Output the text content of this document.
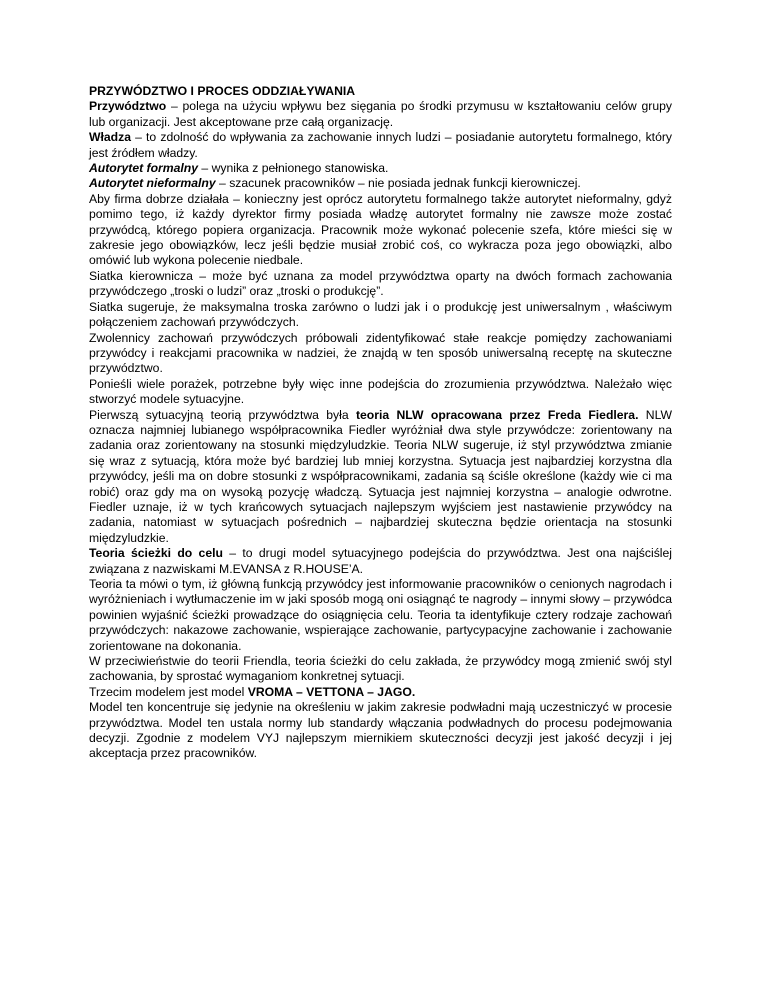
PRZYWÓDZTWO I PROCES ODDZIAŁYWANIA

Przywództwo – polega na użyciu wpływu bez sięgania po środki przymusu w kształtowaniu celów grupy lub organizacji. Jest akceptowane prze całą organizację.

Władza – to zdolność do wpływania za zachowanie innych ludzi – posiadanie autorytetu formalnego, który jest źródłem władzy.

Autorytet formalny – wynika z pełnionego stanowiska.

Autorytet nieformalny – szacunek pracowników – nie posiada jednak funkcji kierowniczej.

Aby firma dobrze działała – konieczny jest oprócz autorytetu formalnego także autorytet nieformalny, gdyż pomimo tego, iż każdy dyrektor firmy posiada władzę autorytet formalny nie zawsze może zostać przywódcą, którego popiera organizacja. Pracownik może wykonać polecenie szefa, które mieści się w zakresie jego obowiązków, lecz jeśli będzie musiał zrobić coś, co wykracza poza jego obowiązki, albo omówić lub wykona polecenie niedbale.

Siatka kierownicza – może być uznana za model przywództwa oparty na dwóch formach zachowania przywódczego „troski o ludzi” oraz „troski o produkcję”.

Siatka sugeruje, że maksymalna troska zarówno o ludzi jak i o produkcję jest uniwersalnym , właściwym połączeniem zachowań przywódczych.

Zwolennicy zachowań przywódczych próbowali zidentyfikować stałe reakcje pomiędzy zachowaniami przywódcy i reakcjami pracownika w nadziei, że znajdą w ten sposób uniwersalną receptę na skuteczne przywództwo.

Ponieśli wiele porażek, potrzebne były więc inne podejścia do zrozumienia przywództwa. Należało więc stworzyć modele sytuacyjne.

Pierwszą sytuacyjną teorią przywództwa była teoria NLW opracowana przez Freda Fiedlera. NLW oznacza najmniej lubianego współpracownika Fiedler wyróżniał dwa style przywódcze: zorientowany na zadania oraz zorientowany na stosunki międzyludzkie. Teoria NLW sugeruje, iż styl przywództwa zmianie się wraz z sytuacją, która może być bardziej lub mniej korzystna. Sytuacja jest najbardziej korzystna dla przywódcy, jeśli ma on dobre stosunki z współpracownikami, zadania są ściśle określone (każdy wie ci ma robić) oraz gdy ma on wysoką pozycję władczą. Sytuacja jest najmniej korzystna – analogie odwrotne. Fiedler uznaje, iż w tych krańcowych sytuacjach najlepszym wyjściem jest nastawienie przywódcy na zadania, natomiast w sytuacjach pośrednich – najbardziej skuteczna będzie orientacja na stosunki międzyludzkie.

Teoria ścieżki do celu – to drugi model sytuacyjnego podejścia do przywództwa. Jest ona najściślej związana z nazwiskami M.EVANSA z R.HOUSE’A.

Teoria ta mówi o tym, iż główną funkcją przywódcy jest informowanie pracowników o cenionych nagrodach i wyróżnieniach i wytłumaczenie im w jaki sposób mogą oni osiągnąć te nagrody – innymi słowy – przywódca powinien wyjaśnić ścieżki prowadzące do osiągnięcia celu. Teoria ta identyfikuje cztery rodzaje zachowań przywódczych: nakazowe zachowanie, wspierające zachowanie, partycypacyjne zachowanie i zachowanie zorientowane na dokonania.

W przeciwieństwie do teorii Friendla, teoria ścieżki do celu zakłada, że przywódcy mogą zmienić swój styl zachowania, by sprostać wymaganiom konkretnej sytuacji.

Trzecim modelem jest model VROMA – VETTONA – JAGO.

Model ten koncentruje się jedynie na określeniu w jakim zakresie podwładni mają uczestniczyć w procesie przywództwa. Model ten ustala normy lub standardy włączania podwładnych do procesu podejmowania decyzji. Zgodnie z modelem VYJ najlepszym miernikiem skuteczności decyzji jest jakość decyzji i jej akceptacja przez pracowników.
